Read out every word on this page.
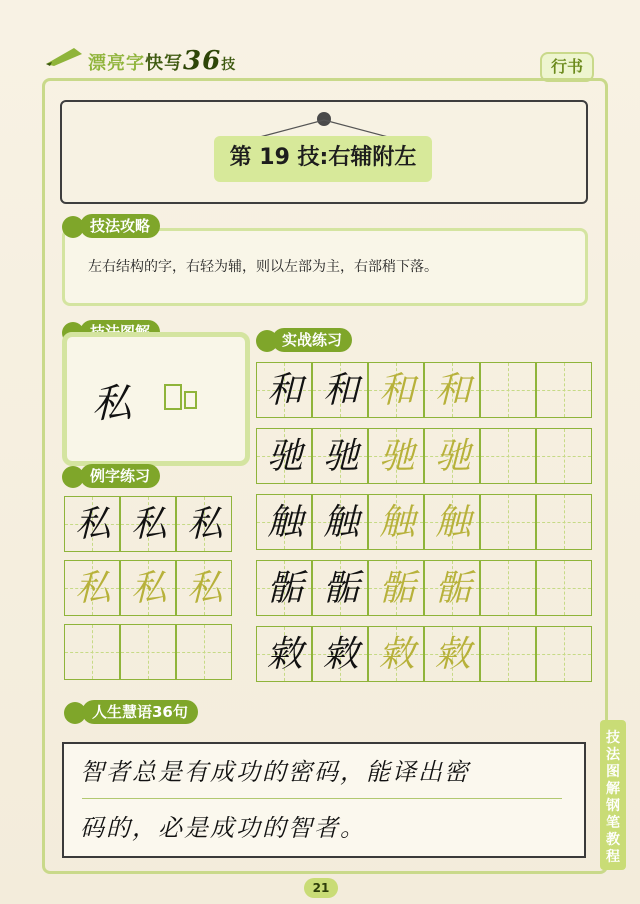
漂亮字快写36技	行书
第 19 技:右辅附左
技法攻略
左右结构的字，右轻为辅，则以左部为主，右部稍下落。
私
实战练习
例字练习
私 私 私
私 私 私
和 和 和 和
驰 驰 驰 驰
触 触 触 触
骺 骺 骺 骺
敹 敹 敹 敹
人生慧语36句
智者总是有成功的密码，能译出密
码的，必是成功的智者。
技法图解钢笔教程
21
